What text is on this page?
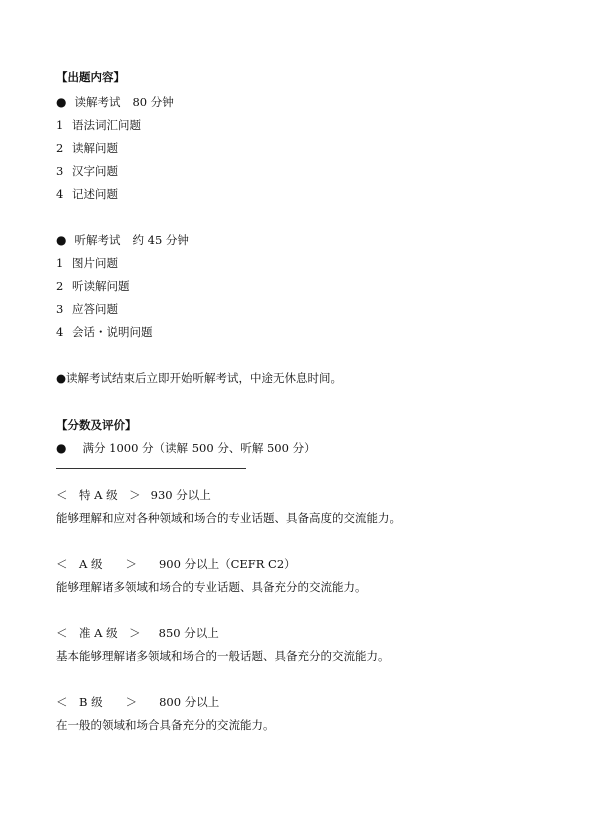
【出题内容】
● 读解考试 80 分钟
1 语法词汇问题
2 读解问题
3 汉字问题
4 记述问题
● 听解考试 约 45 分钟
1 图片问题
2 听读解问题
3 应答问题
4 会话・说明问题
●读解考试结束后立即开始听解考试，中途无休息时间。
【分数及评价】
● 满分 1000 分（读解 500 分、听解 500 分）
＜　特 A 级　＞ 930 分以上
能够理解和应对各种领域和场合的专业话题、具备高度的交流能力。
＜　A 级　　＞ 900 分以上（CEFR C2）
能够理解诸多领域和场合的专业话题、具备充分的交流能力。
＜　准 A 级　＞ 850 分以上
基本能够理解诸多领域和场合的一般话题、具备充分的交流能力。
＜　B 级　　＞ 800 分以上
在一般的领域和场合具备充分的交流能力。
